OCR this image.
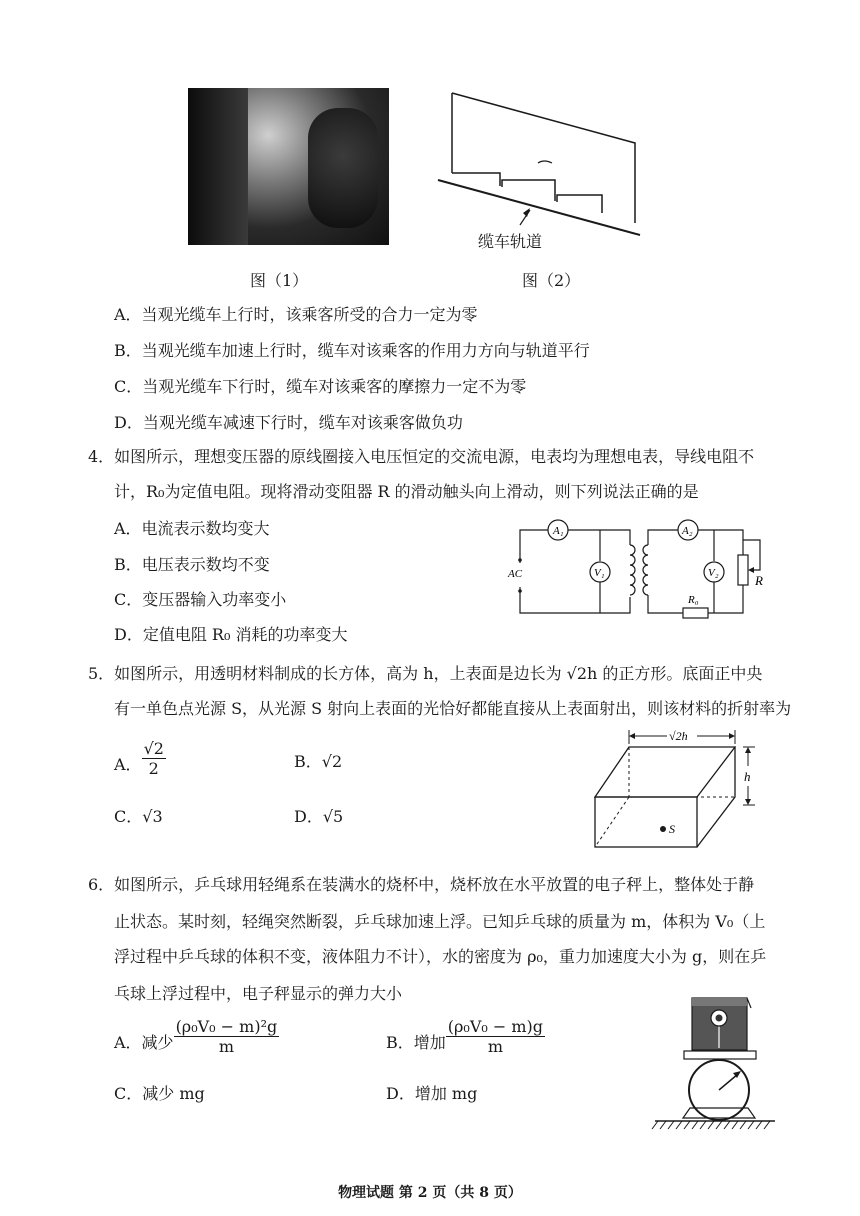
图（1）
缆车轨道
图（2）
A．当观光缆车上行时，该乘客所受的合力一定为零
B．当观光缆车加速上行时，缆车对该乘客的作用力方向与轨道平行
C．当观光缆车下行时，缆车对该乘客的摩擦力一定不为零
D．当观光缆车减速下行时，缆车对该乘客做负功
4．如图所示，理想变压器的原线圈接入电压恒定的交流电源，电表均为理想电表，导线电阻不
计，R₀为定值电阻。现将滑动变阻器 R 的滑动触头向上滑动，则下列说法正确的是
A．电流表示数均变大
B．电压表示数均不变
C．变压器输入功率变小
D．定值电阻 R₀ 消耗的功率变大
A₁
V₁
AC
A₂
R₀
V₂	R
5．如图所示，用透明材料制成的长方体，高为 h，上表面是边长为 √2h 的正方形。底面正中央
有一单色点光源 S，从光源 S 射向上表面的光恰好都能直接从上表面射出，则该材料的折射率为
A． $\frac{√2}{2}$	B．√2
C．√3	D．√5
√2h
h
S
6．如图所示，乒乓球用轻绳系在装满水的烧杯中，烧杯放在水平放置的电子秤上，整体处于静
止状态。某时刻，轻绳突然断裂，乒乓球加速上浮。已知乒乓球的质量为 m，体积为 V₀（上
浮过程中乒乓球的体积不变，液体阻力不计），水的密度为 ρ₀，重力加速度大小为 g，则在乒
乓球上浮过程中，电子秤显示的弹力大小
A．减少 $\frac{\text{(ρ₀V₀ − m)²g}}{m}$	B．增加 $\frac{\text{(ρ₀V₀ − m)g}}{m}$
C．减少 mg	D．增加 mg
物理试题 第 2 页（共 8 页）
